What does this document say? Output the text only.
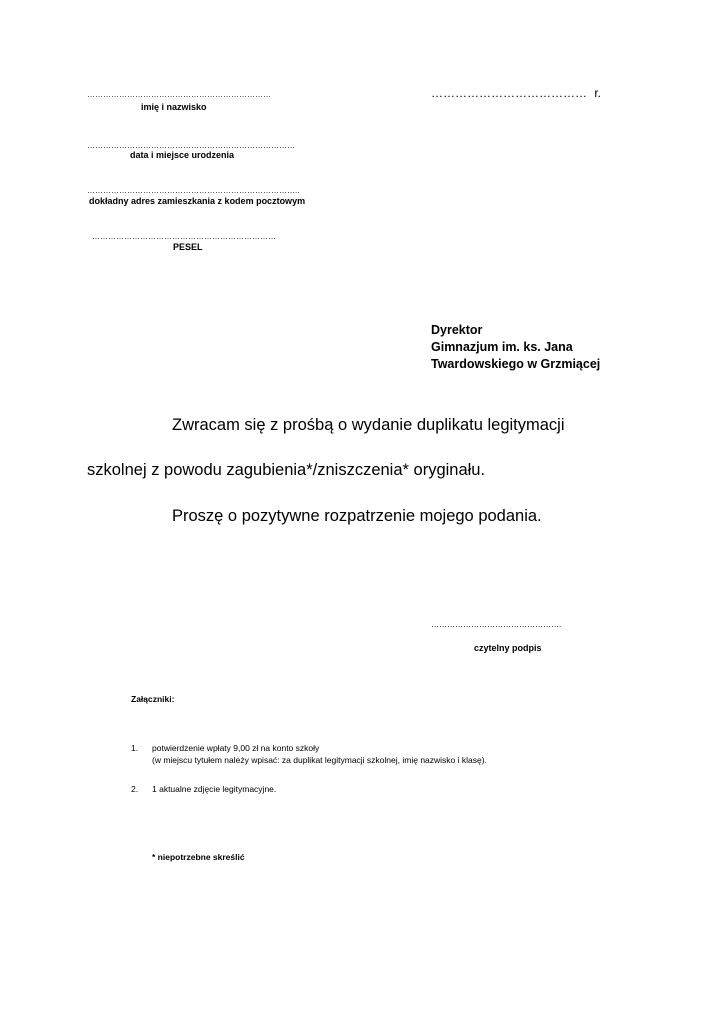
……………………………………………………………
imię i nazwisko
……………………………………………………………………
data i miejsce urodzenia
……………………………………………………………………..
dokładny adres zamieszkania z kodem pocztowym
……………………………………………………………
PESEL
………………………………… r.
Dyrektor
Gimnazjum im. ks. Jana
Twardowskiego w Grzmiącej
Zwracam się z prośbą o wydanie duplikatu legitymacji
szkolnej z powodu zagubienia*/zniszczenia* oryginału.
Proszę o pozytywne rozpatrzenie mojego podania.
………………………………………….
czytelny podpis
Załączniki:
1. potwierdzenie wpłaty 9,00 zł na konto szkoły
(w miejscu tytułem należy wpisać: za duplikat legitymacji szkolnej, imię nazwisko i klasę).
2. 1 aktualne zdjęcie legitymacyjne.
* niepotrzebne skreślić
